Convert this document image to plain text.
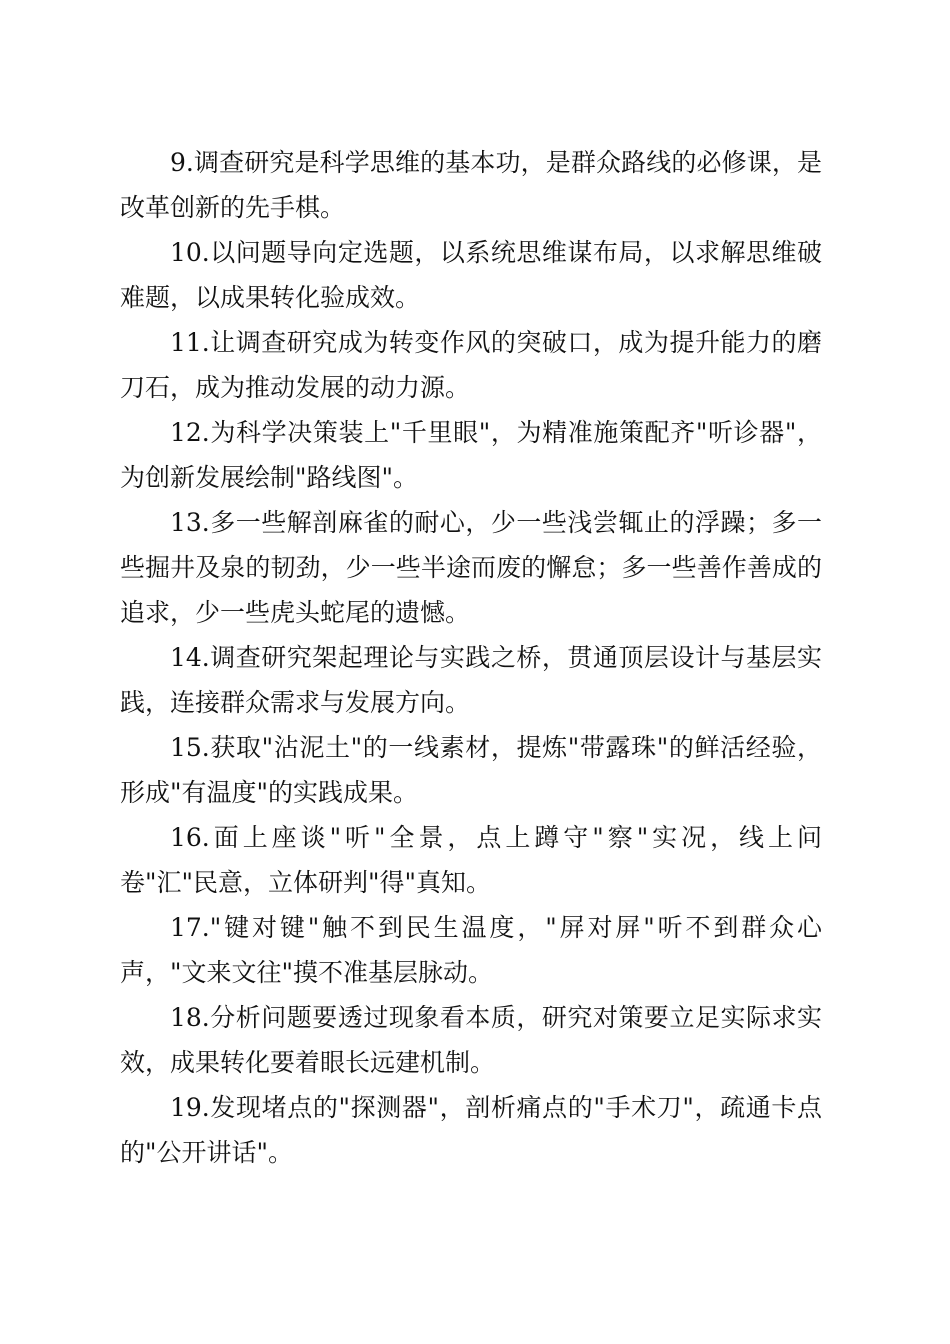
9.调查研究是科学思维的基本功，是群众路线的必修课，是改革创新的先手棋。

10.以问题导向定选题，以系统思维谋布局，以求解思维破难题，以成果转化验成效。

11.让调查研究成为转变作风的突破口，成为提升能力的磨刀石，成为推动发展的动力源。

12.为科学决策装上"千里眼"，为精准施策配齐"听诊器"，为创新发展绘制"路线图"。

13.多一些解剖麻雀的耐心，少一些浅尝辄止的浮躁；多一些掘井及泉的韧劲，少一些半途而废的懈怠；多一些善作善成的追求，少一些虎头蛇尾的遗憾。

14.调查研究架起理论与实践之桥，贯通顶层设计与基层实践，连接群众需求与发展方向。

15.获取"沾泥土"的一线素材，提炼"带露珠"的鲜活经验，形成"有温度"的实践成果。

16.面上座谈"听"全景，点上蹲守"察"实况，线上问卷"汇"民意，立体研判"得"真知。

17."键对键"触不到民生温度，"屏对屏"听不到群众心声，"文来文往"摸不准基层脉动。

18.分析问题要透过现象看本质，研究对策要立足实际求实效，成果转化要着眼长远建机制。

19.发现堵点的"探测器"，剖析痛点的"手术刀"，疏通卡点的"公开讲话"。
